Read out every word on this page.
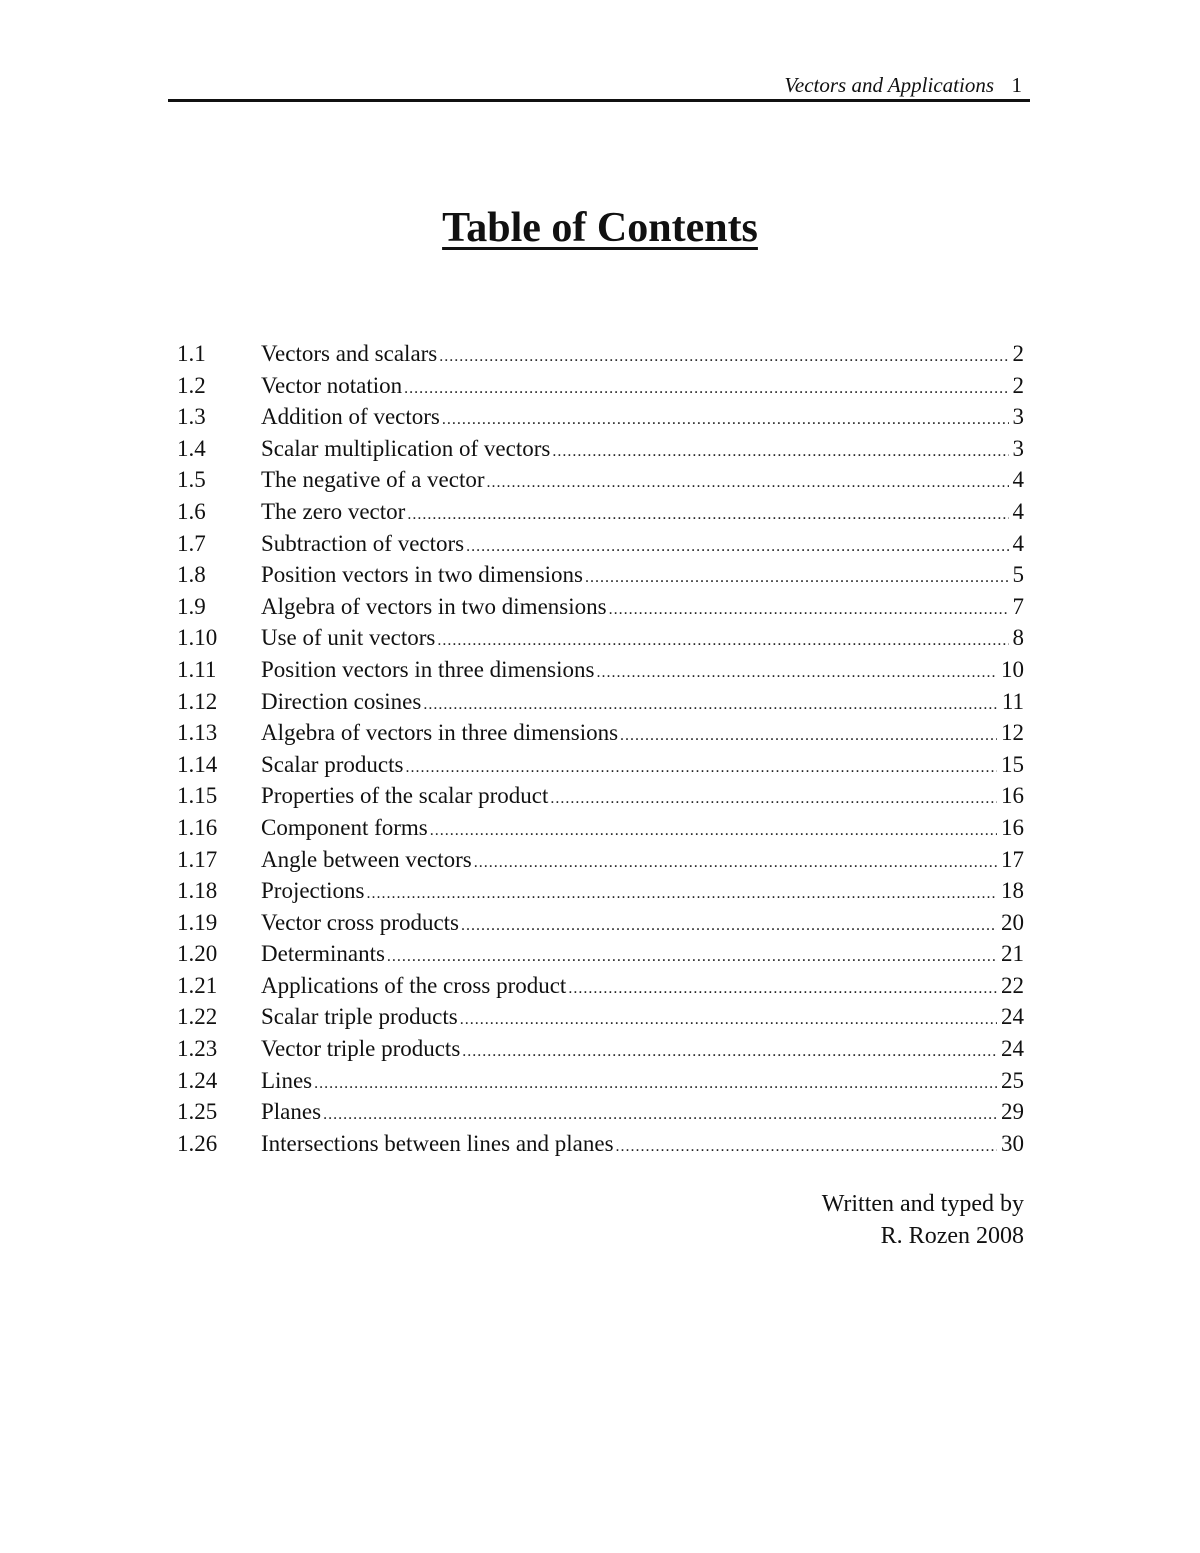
Vectors and Applications 1
Table of Contents
1.1	Vectors and scalars .....	2
1.2	Vector notation .....	2
1.3	Addition of vectors .....	3
1.4	Scalar multiplication of vectors .....	3
1.5	The negative of a vector .....	4
1.6	The zero vector .....	4
1.7	Subtraction of vectors .....	4
1.8	Position vectors in two dimensions .....	5
1.9	Algebra of vectors in two dimensions .....	7
1.10	Use of unit vectors .....	8
1.11	Position vectors in three dimensions .....	10
1.12	Direction cosines .....	11
1.13	Algebra of vectors in three dimensions .....	12
1.14	Scalar products .....	15
1.15	Properties of the scalar product .....	16
1.16	Component forms .....	16
1.17	Angle between vectors .....	17
1.18	Projections .....	18
1.19	Vector cross products .....	20
1.20	Determinants .....	21
1.21	Applications of the cross product .....	22
1.22	Scalar triple products .....	24
1.23	Vector triple products .....	24
1.24	Lines .....	25
1.25	Planes .....	29
1.26	Intersections between lines and planes .....	30
Written and typed by
R. Rozen 2008
